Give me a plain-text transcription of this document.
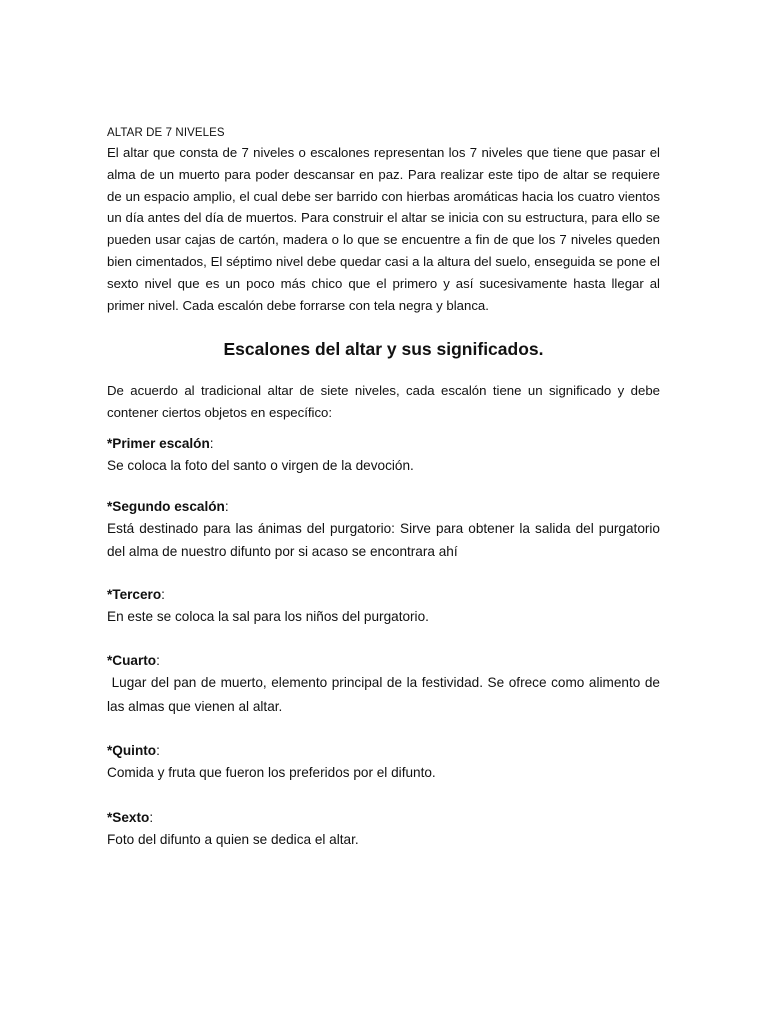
ALTAR DE 7 NIVELES

El altar que consta de 7 niveles o escalones representan los 7 niveles que tiene que pasar el alma de un muerto para poder descansar en paz. Para realizar este tipo de altar se requiere de un espacio amplio, el cual debe ser barrido con hierbas aromáticas hacia los cuatro vientos un día antes del día de muertos. Para construir el altar se inicia con su estructura, para ello se pueden usar cajas de cartón, madera o lo que se encuentre a fin de que los 7 niveles queden bien cimentados, El séptimo nivel debe quedar casi a la altura del suelo, enseguida se pone el sexto nivel que es un poco más chico que el primero y así sucesivamente hasta llegar al primer nivel. Cada escalón debe forrarse con tela negra y blanca.

Escalones del altar y sus significados.

De acuerdo al tradicional altar de siete niveles, cada escalón tiene un significado y debe contener ciertos objetos en específico:

*Primer escalón:

Se coloca la foto del santo o virgen de la devoción.

*Segundo escalón:

Está destinado para las ánimas del purgatorio: Sirve para obtener la salida del purgatorio del alma de nuestro difunto por si acaso se encontrara ahí

*Tercero:

En este se coloca la sal para los niños del purgatorio.

*Cuarto:

Lugar del pan de muerto, elemento principal de la festividad. Se ofrece como alimento de las almas que vienen al altar.

*Quinto:

Comida y fruta que fueron los preferidos por el difunto.

*Sexto:

Foto del difunto a quien se dedica el altar.
